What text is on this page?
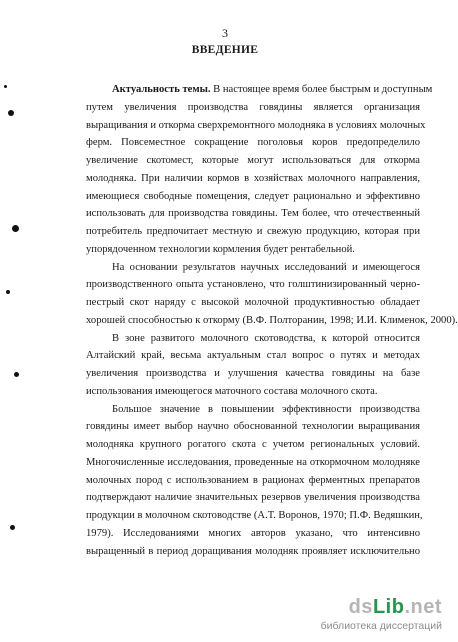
3
ВВЕДЕНИЕ
Актуальность темы. В настоящее время более быстрым и доступным
путем увеличения производства говядины является организация
выращивания и откорма сверхремонтного молодняка в условиях молочных
ферм. Повсеместное сокращение поголовья коров предопределило
увеличение скотомест, которые могут использоваться для откорма
молодняка. При наличии кормов в хозяйствах молочного направления,
имеющиеся свободные помещения, следует рационально и эффективно
использовать для производства говядины. Тем более, что отечественный
потребитель предпочитает местную и свежую продукцию, которая при
упорядоченном технологии кормления будет рентабельной.
На основании результатов научных исследований и имеющегося
производственного опыта установлено, что голштинизированный черно-
пестрый скот наряду с высокой молочной продуктивностью обладает
хорошей способностью к откорму (В.Ф. Полторанин, 1998; И.И. Клименок, 2000).
В зоне развитого молочного скотоводства, к которой относится
Алтайский край, весьма актуальным стал вопрос о путях и методах
увеличения производства и улучшения качества говядины на базе
использования имеющегося маточного состава молочного скота.
Большое значение в повышении эффективности производства
говядины имеет выбор научно обоснованной технологии выращивания
молодняка крупного рогатого скота с учетом региональных условий.
Многочисленные исследования, проведенные на откормочном молодняке
молочных пород с использованием в рационах ферментных препаратов
подтверждают наличие значительных резервов увеличения производства
продукции в молочном скотоводстве (А.Т. Воронов, 1970; П.Ф. Ведяшкин,
1979). Исследованиями многих авторов указано, что интенсивно
выращенный в период доращивания молодняк проявляет исключительно
dsLib.net
библиотека диссертаций
